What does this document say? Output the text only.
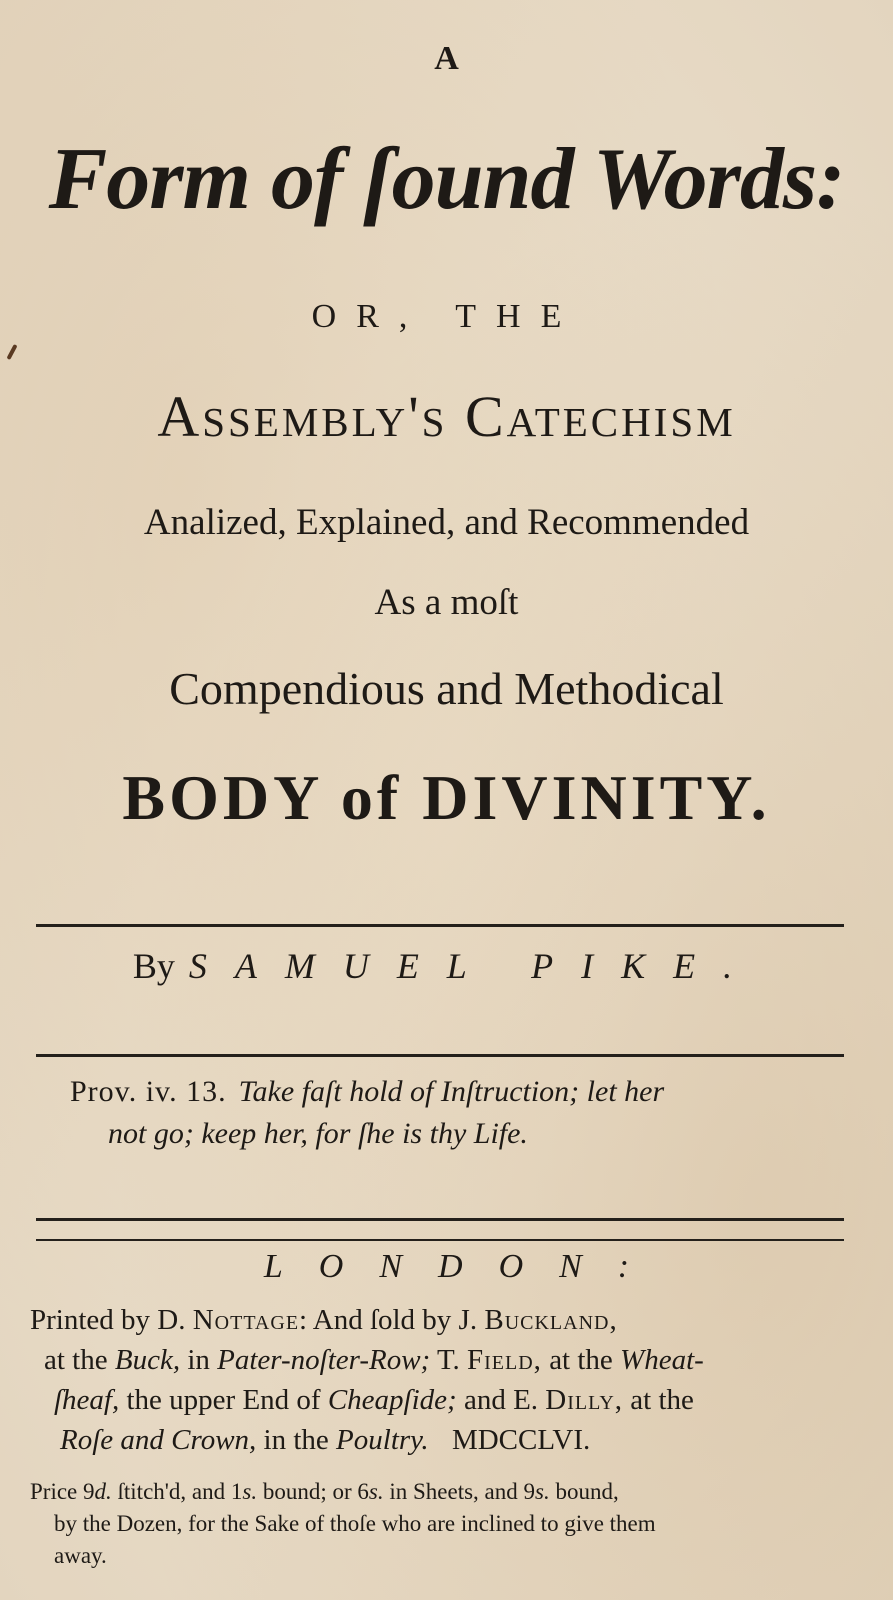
A
Form of ſound Words:
OR, THE
Assembly's Catechism
Analized, Explained, and Recommended
As a moſt
Compendious and Methodical
BODY of DIVINITY.
By SAMUEL PIKE.
Prov. iv. 13. Take faſt hold of Inſtruction; let her
not go; keep her, for ſhe is thy Life.
LONDON:
Printed by D. Nottage: And ſold by J. Buckland,
at the Buck, in Pater-noſter-Row; T. Field, at the Wheat-
ſheaf, the upper End of Cheapſide; and E. Dilly, at the
Roſe and Crown, in the Poultry. MDCCLVI.
Price 9d. ſtitch'd, and 1s. bound; or 6s. in Sheets, and 9s. bound,
by the Dozen, for the Sake of thoſe who are inclined to give them
away.
